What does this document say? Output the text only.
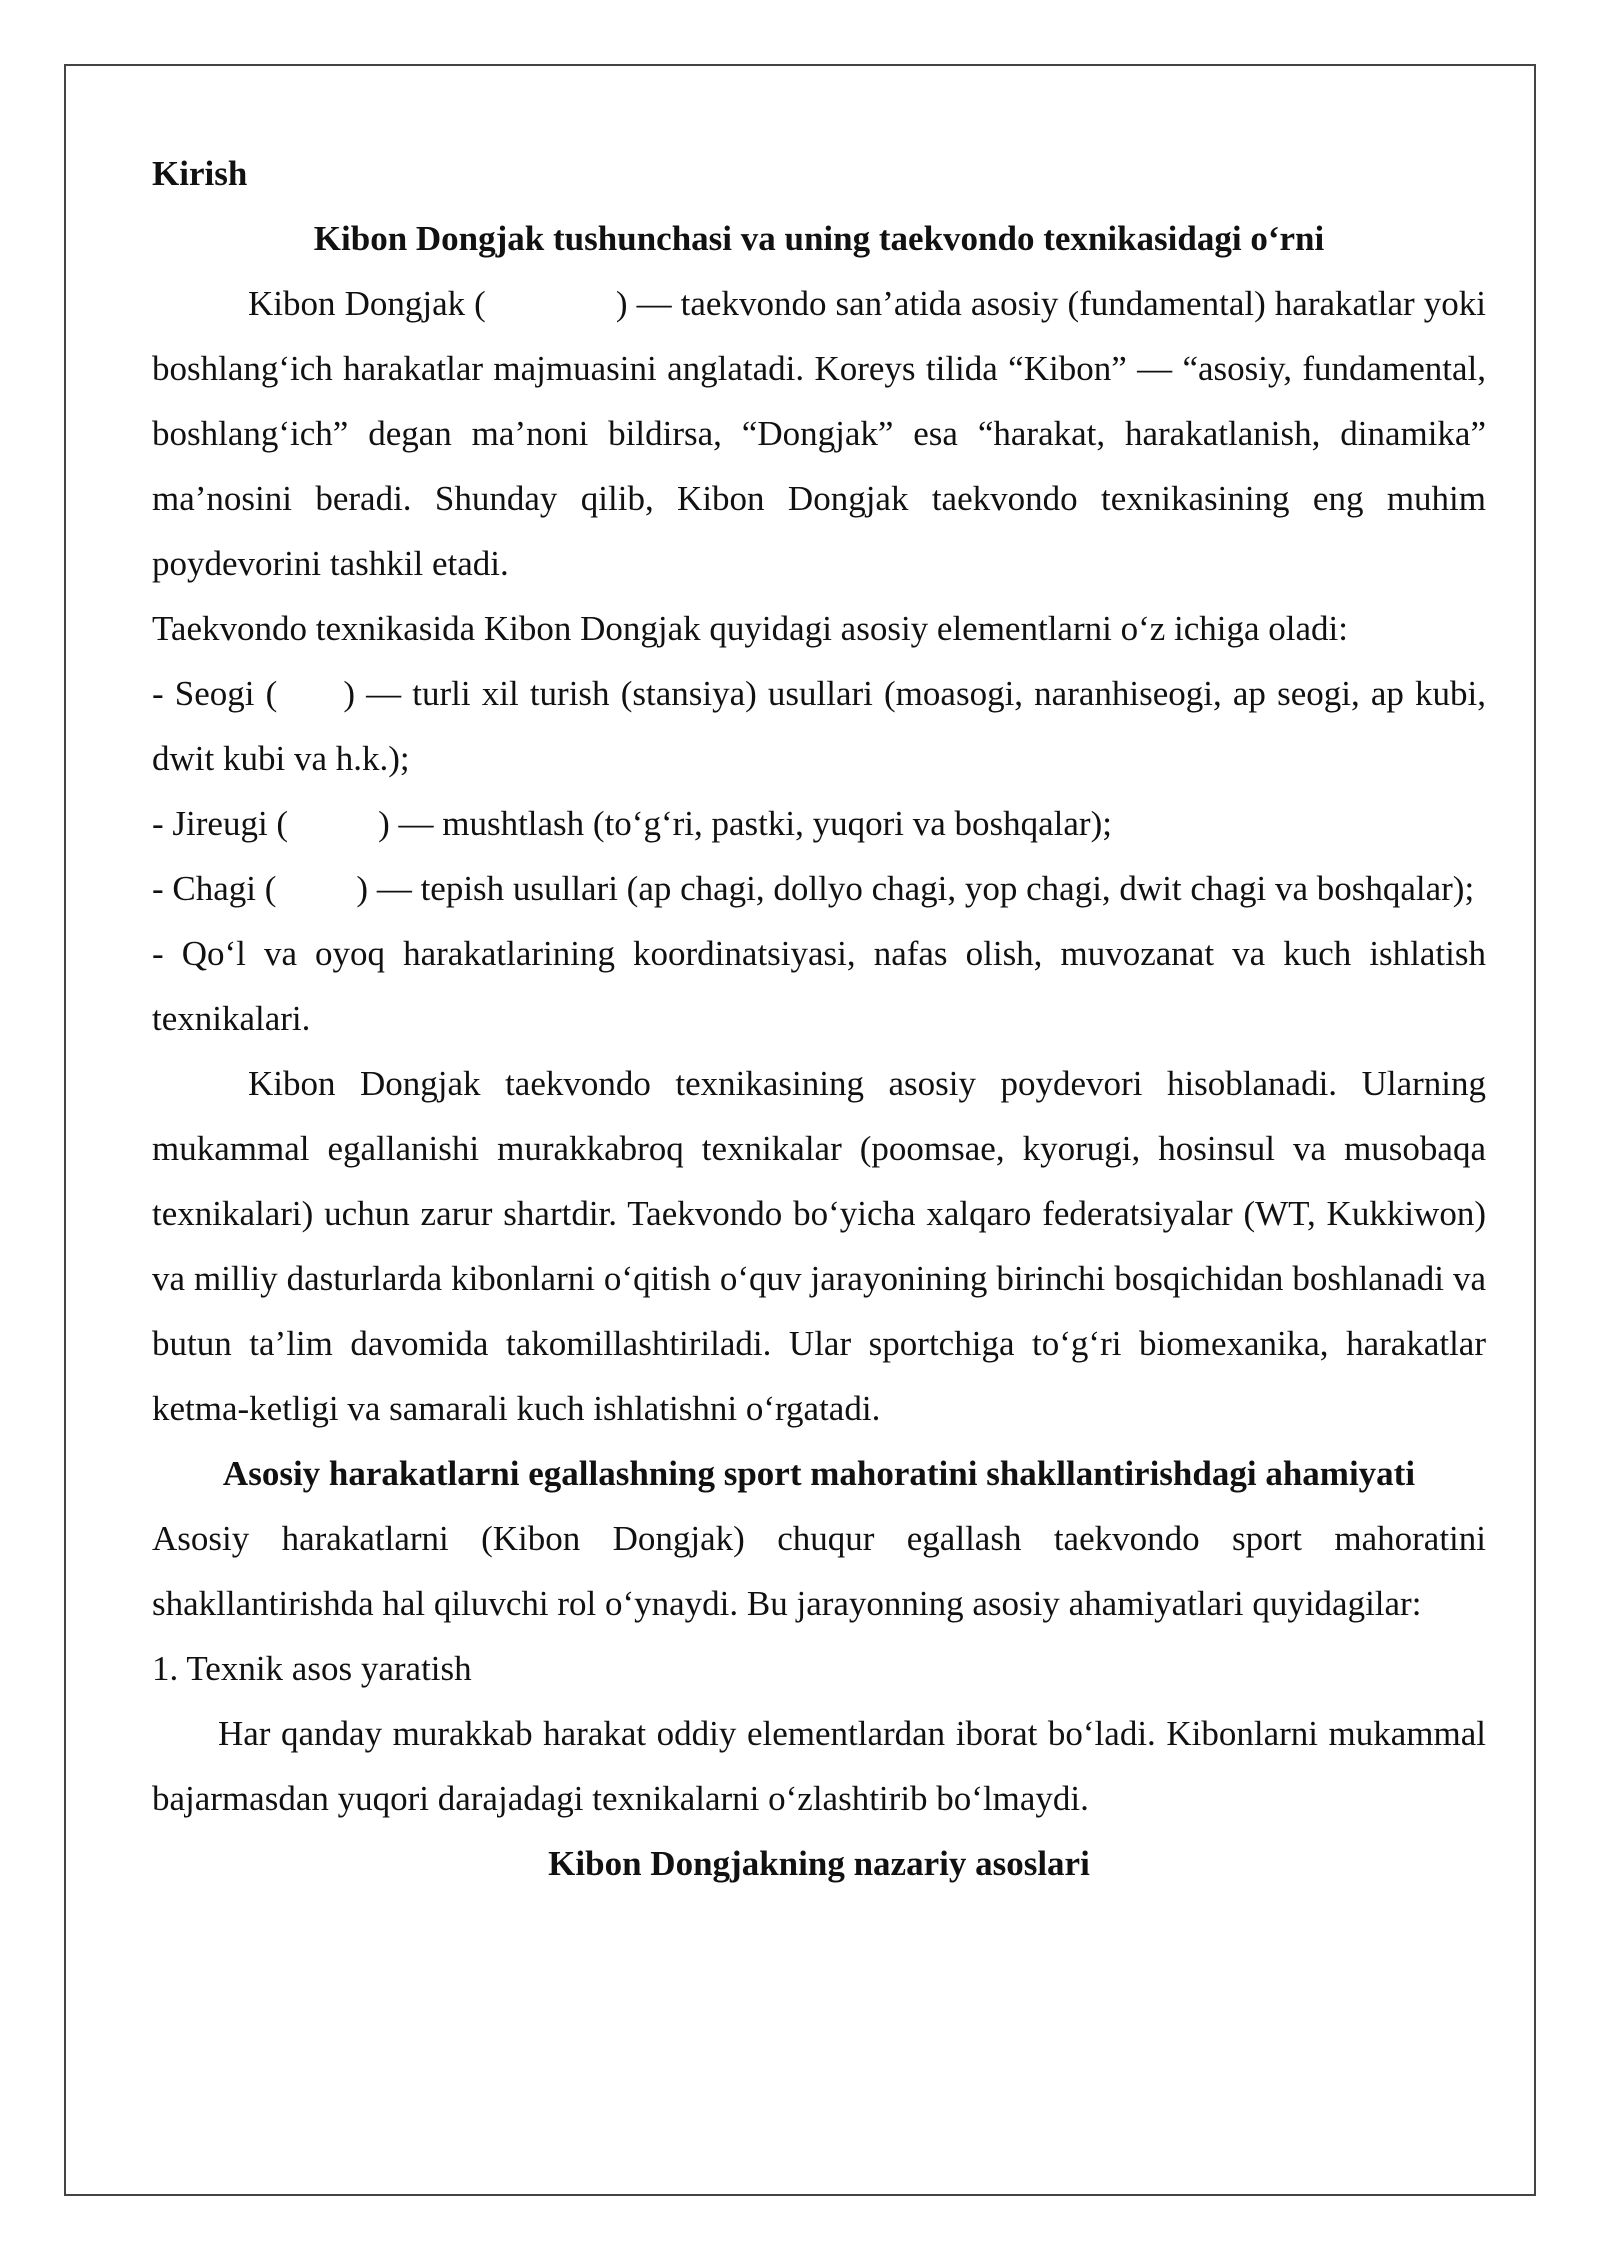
Kirish

Kibon Dongjak tushunchasi va uning taekvondo texnikasidagi o‘rni

Kibon Dongjak (	) — taekvondo san’atida asosiy (fundamental) harakatlar yoki boshlang‘ich harakatlar majmuasini anglatadi. Koreys tilida “Kibon” — “asosiy, fundamental, boshlang‘ich” degan ma’noni bildirsa, “Dongjak” esa “harakat, harakatlanish, dinamika” ma’nosini beradi. Shunday qilib, Kibon Dongjak taekvondo texnikasining eng muhim poydevorini tashkil etadi.

Taekvondo texnikasida Kibon Dongjak quyidagi asosiy elementlarni o‘z ichiga oladi:

- Seogi ( ) — turli xil turish (stansiya) usullari (moasogi, naranhiseogi, ap seogi, ap kubi, dwit kubi va h.k.);

- Jireugi (	) — mushtlash (to‘g‘ri, pastki, yuqori va boshqalar);

- Chagi ( ) — tepish usullari (ap chagi, dollyo chagi, yop chagi, dwit chagi va boshqalar);

- Qo‘l va oyoq harakatlarining koordinatsiyasi, nafas olish, muvozanat va kuch ishlatish texnikalari.

Kibon Dongjak taekvondo texnikasining asosiy poydevori hisoblanadi. Ularning mukammal egallanishi murakkabroq texnikalar (poomsae, kyorugi, hosinsul va musobaqa texnikalari) uchun zarur shartdir. Taekvondo bo‘yicha xalqaro federatsiyalar (WT, Kukkiwon) va milliy dasturlarda kibonlarni o‘qitish o‘quv jarayonining birinchi bosqichidan boshlanadi va butun ta’lim davomida takomillashtiriladi. Ular sportchiga to‘g‘ri biomexanika, harakatlar ketma-ketligi va samarali kuch ishlatishni o‘rgatadi.

Asosiy harakatlarni egallashning sport mahoratini shakllantirishdagi ahamiyati

Asosiy harakatlarni (Kibon Dongjak) chuqur egallash taekvondo sport mahoratini shakllantirishda hal qiluvchi rol o‘ynaydi. Bu jarayonning asosiy ahamiyatlari quyidagilar:

1. Texnik asos yaratish

Har qanday murakkab harakat oddiy elementlardan iborat bo‘ladi. Kibonlarni mukammal bajarmasdan yuqori darajadagi texnikalarni o‘zlashtirib bo‘lmaydi.

Kibon Dongjakning nazariy asoslari
